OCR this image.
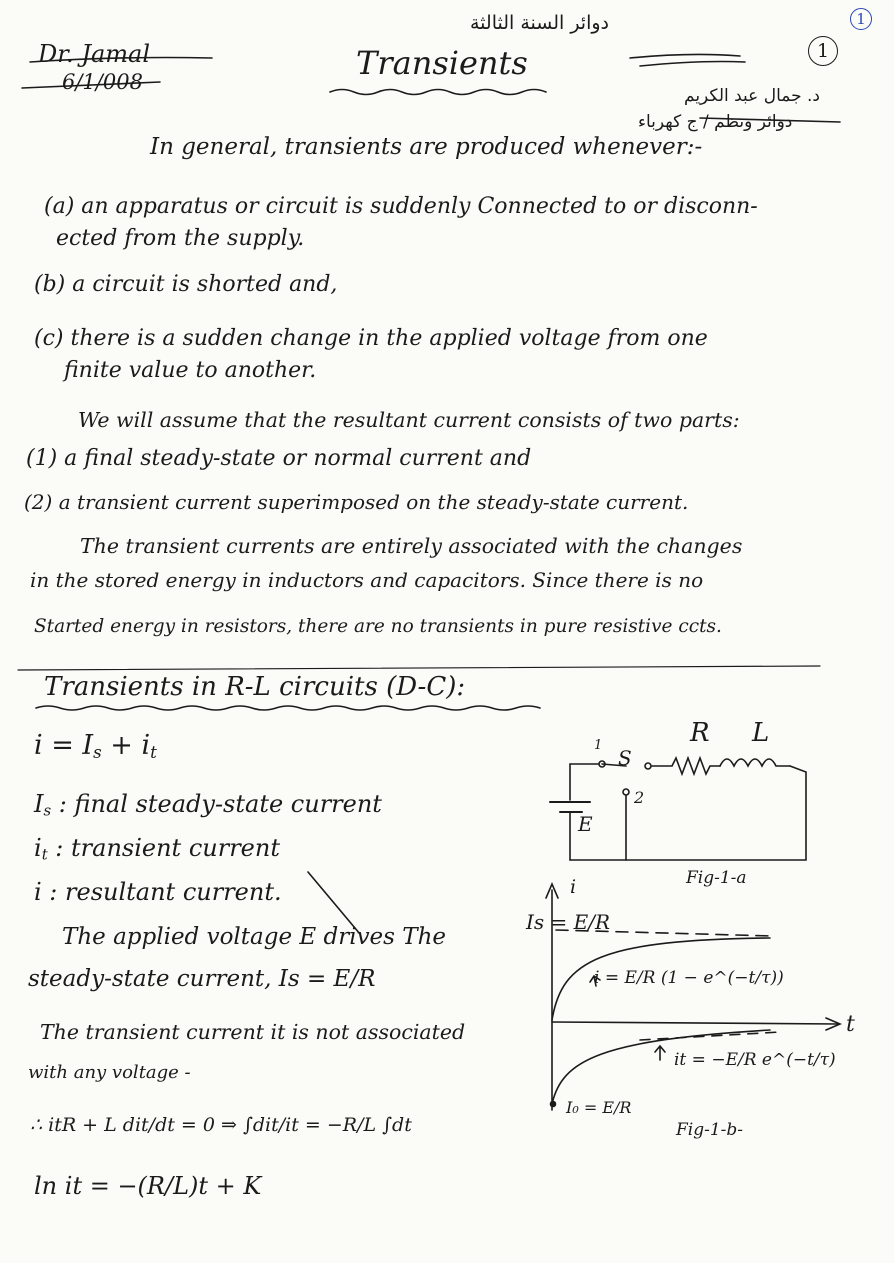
1
1
Dr. Jamal
6/1/008	Transients
دوائر السنة الثالثة
د. جمال عبد الكريم
دوائر ونظم / ج كهرباء
In general, transients are produced whenever:-
(a) an apparatus or circuit is suddenly Connected to or disconn-
ected from the supply.
(b) a circuit is shorted and,
(c) there is a sudden change in the applied voltage from one
finite value to another.
We will assume that the resultant current consists of two parts:
(1) a final steady-state or normal current and
(2) a transient current superimposed on the steady-state current.
The transient currents are entirely associated with the changes
in the stored energy in inductors and capacitors. Since there is no
Started energy in resistors, there are no transients in pure resistive ccts.
Transients in R-L circuits (D-C):
$i = I_s + i_t$
$I_s$ : final steady-state current
$i_t$ : transient current
i : resultant current.
The applied voltage E drives The
steady-state current, Is = E/R
The transient current it is not associated
with any voltage -
∴ itR + L dit/dt = 0 ⇒ ∫dit/it = −R/L ∫dt
ln it = −(R/L)t + K
R L
S
1
2
E
Fig-1-a
i
t
Is = E/R
i = E/R (1 − e^(−t/τ))
it = −E/R e^(−t/τ)
I₀ = E/R
Fig-1-b-
